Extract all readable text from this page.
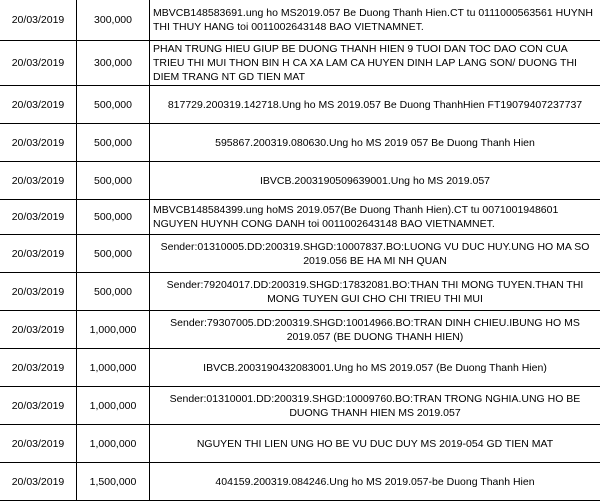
20/03/2019	300,000	MBVCB148583691.ung ho MS2019.057 Be Duong Thanh Hien.CT tu 0111000563561 HUYNH THI THUY HANG toi 0011002643148 BAO VIETNAMNET.
20/03/2019	300,000	PHAN TRUNG HIEU GIUP BE DUONG THANH HIEN 9 TUOI DAN TOC DAO CON CUA TRIEU THI MUI THON BIN H CA XA LAM CA HUYEN DINH LAP LANG SON/ DUONG THI DIEM TRANG NT GD TIEN MAT
20/03/2019	500,000	817729.200319.142718.Ung ho MS 2019.057 Be Duong ThanhHien FT19079407237737
20/03/2019	500,000	595867.200319.080630.Ung ho MS 2019 057 Be Duong Thanh Hien
20/03/2019	500,000	IBVCB.2003190509639001.Ung ho MS 2019.057
20/03/2019	500,000	MBVCB148584399.ung hoMS 2019.057(Be Duong Thanh Hien).CT tu 0071001948601 NGUYEN HUYNH CONG DANH toi 0011002643148 BAO VIETNAMNET.
20/03/2019	500,000	Sender:01310005.DD:200319.SHGD:10007837.BO:LUONG VU DUC HUY.UNG HO MA SO 2019.056 BE HA MI NH QUAN
20/03/2019	500,000	Sender:79204017.DD:200319.SHGD:17832081.BO:THAN THI MONG TUYEN.THAN THI MONG TUYEN GUI CHO CHI TRIEU THI MUI
20/03/2019	1,000,000	Sender:79307005.DD:200319.SHGD:10014966.BO:TRAN DINH CHIEU.IBUNG HO MS 2019.057 (BE DUONG THANH HIEN)
20/03/2019	1,000,000	IBVCB.2003190432083001.Ung ho MS 2019.057 (Be Duong Thanh Hien)
20/03/2019	1,000,000	Sender:01310001.DD:200319.SHGD:10009760.BO:TRAN TRONG NGHIA.UNG HO BE DUONG THANH HIEN MS 2019.057
20/03/2019	1,000,000	NGUYEN THI LIEN UNG HO BE VU DUC DUY MS 2019-054 GD TIEN MAT
20/03/2019	1,500,000	404159.200319.084246.Ung ho MS 2019.057-be Duong Thanh Hien
